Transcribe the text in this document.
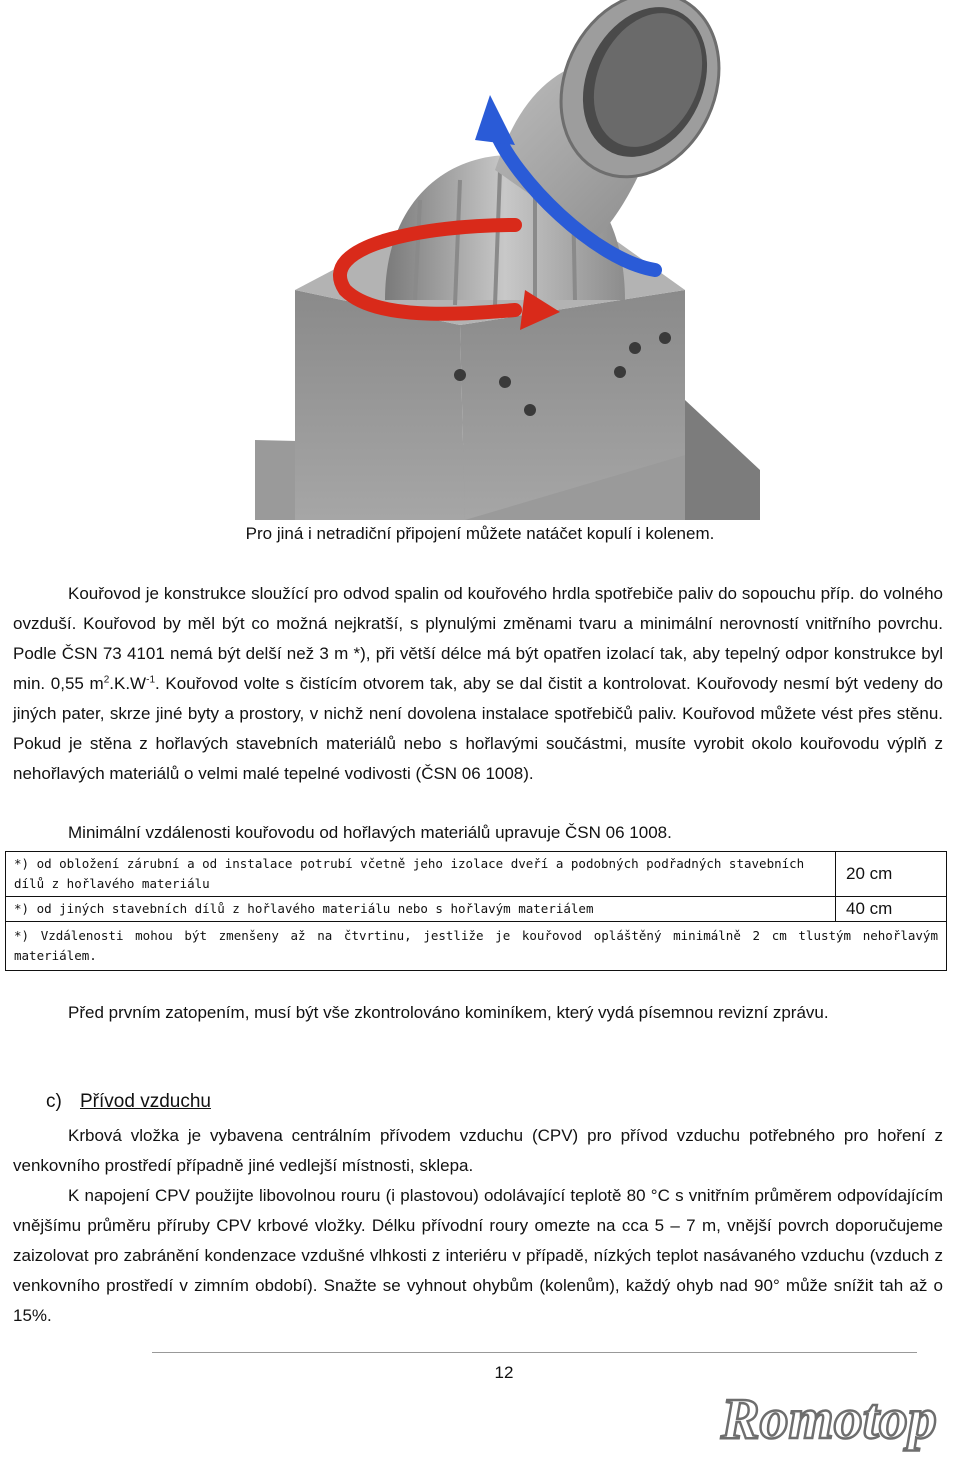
Pro jiná i netradiční připojení můžete natáčet kopulí i kolenem.
Kouřovod je konstrukce sloužící pro odvod spalin od kouřového hrdla spotřebiče paliv do sopouchu příp. do volného ovzduší. Kouřovod by měl být co možná nejkratší, s plynulými změnami tvaru a minimální nerovností vnitřního povrchu. Podle ČSN 73 4101 nemá být delší než 3 m *), při větší délce má být opatřen izolací tak, aby tepelný odpor konstrukce byl min. 0,55 $m^2.K.W^{-1}$. Kouřovod volte s čistícím otvorem tak, aby se dal čistit a kontrolovat. Kouřovody nesmí být vedeny do jiných pater, skrze jiné byty a prostory, v nichž není dovolena instalace spotřebičů paliv. Kouřovod můžete vést přes stěnu. Pokud je stěna z hořlavých stavebních materiálů nebo s hořlavými součástmi, musíte vyrobit okolo kouřovodu výplň z nehořlavých materiálů o velmi malé tepelné vodivosti (ČSN 06 1008).
Minimální vzdálenosti kouřovodu od hořlavých materiálů upravuje ČSN 06 1008.
*) od obložení zárubní a od instalace potrubí včetně jeho izolace dveří a podobných podřadných stavebních dílů z hořlavého materiálu	20 cm
*) od jiných stavebních dílů z hořlavého materiálu nebo s hořlavým materiálem	40 cm
*) Vzdálenosti mohou být zmenšeny až na čtvrtinu, jestliže je kouřovod opláštěný minimálně 2 cm tlustým nehořlavým materiálem.	
Před prvním zatopením, musí být vše zkontrolováno kominíkem, který vydá písemnou revizní zprávu.
c) Přívod vzduchu
Krbová vložka je vybavena centrálním přívodem vzduchu (CPV) pro přívod vzduchu potřebného pro hoření z venkovního prostředí případně jiné vedlejší místnosti, sklepa.
K napojení CPV použijte libovolnou rouru (i plastovou) odolávající teplotě 80 °C s vnitřním průměrem odpovídajícím vnějšímu průměru příruby CPV krbové vložky. Délku přívodní roury omezte na cca 5 – 7 m, vnější povrch doporučujeme zaizolovat pro zabránění kondenzace vzdušné vlhkosti z interiéru v případě, nízkých teplot nasávaného vzduchu (vzduch z venkovního prostředí v zimním období). Snažte se vyhnout ohybům (kolenům), každý ohyb nad 90° může snížit tah až o 15%.
12
Romotop
